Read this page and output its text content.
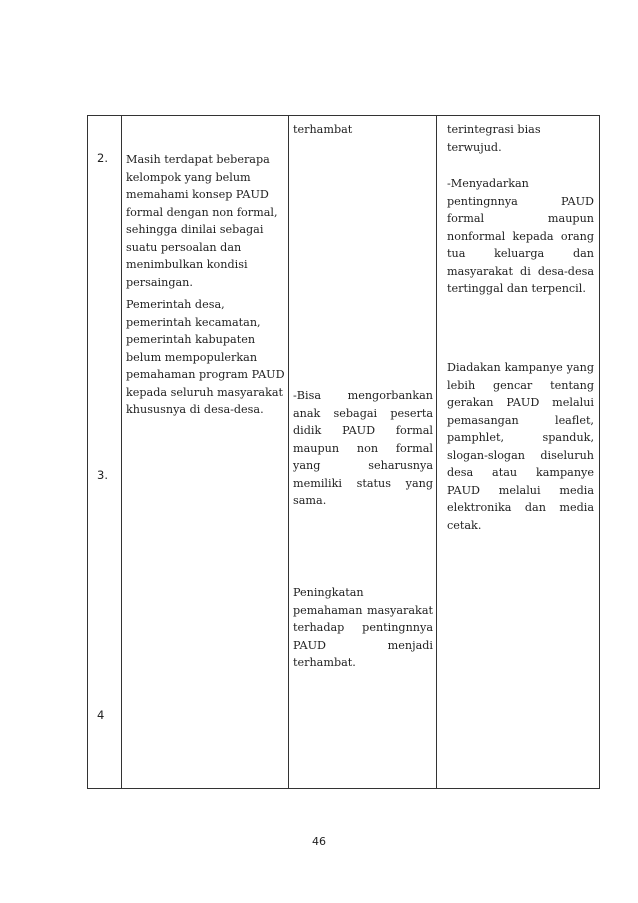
2.
3.
4
Masih terdapat beberapa kelompok yang belum memahami konsep PAUD formal dengan non formal, sehingga dinilai sebagai suatu persoalan dan menimbulkan kondisi persaingan.
Pemerintah desa, pemerintah kecamatan, pemerintah kabupaten belum mempopulerkan pemahaman program PAUD kepada seluruh masyarakat khususnya di desa-desa.
terhambat
-Bisa mengorbankan anak sebagai peserta didik PAUD formal maupun non formal yang seharusnya memiliki status yang sama.
Peningkatan pemahaman masyarakat terhadap pentingnnya PAUD menjadi terhambat.
terintegrasi bias terwujud.
-Menyadarkan pentingnnya PAUD formal maupun nonformal kepada orang tua keluarga dan masyarakat di desa-desa tertinggal dan terpencil.
Diadakan kampanye yang lebih gencar tentang gerakan PAUD melalui pemasangan leaflet, pamphlet, spanduk, slogan-slogan diseluruh desa atau kampanye PAUD melalui media elektronika dan media cetak.
46
